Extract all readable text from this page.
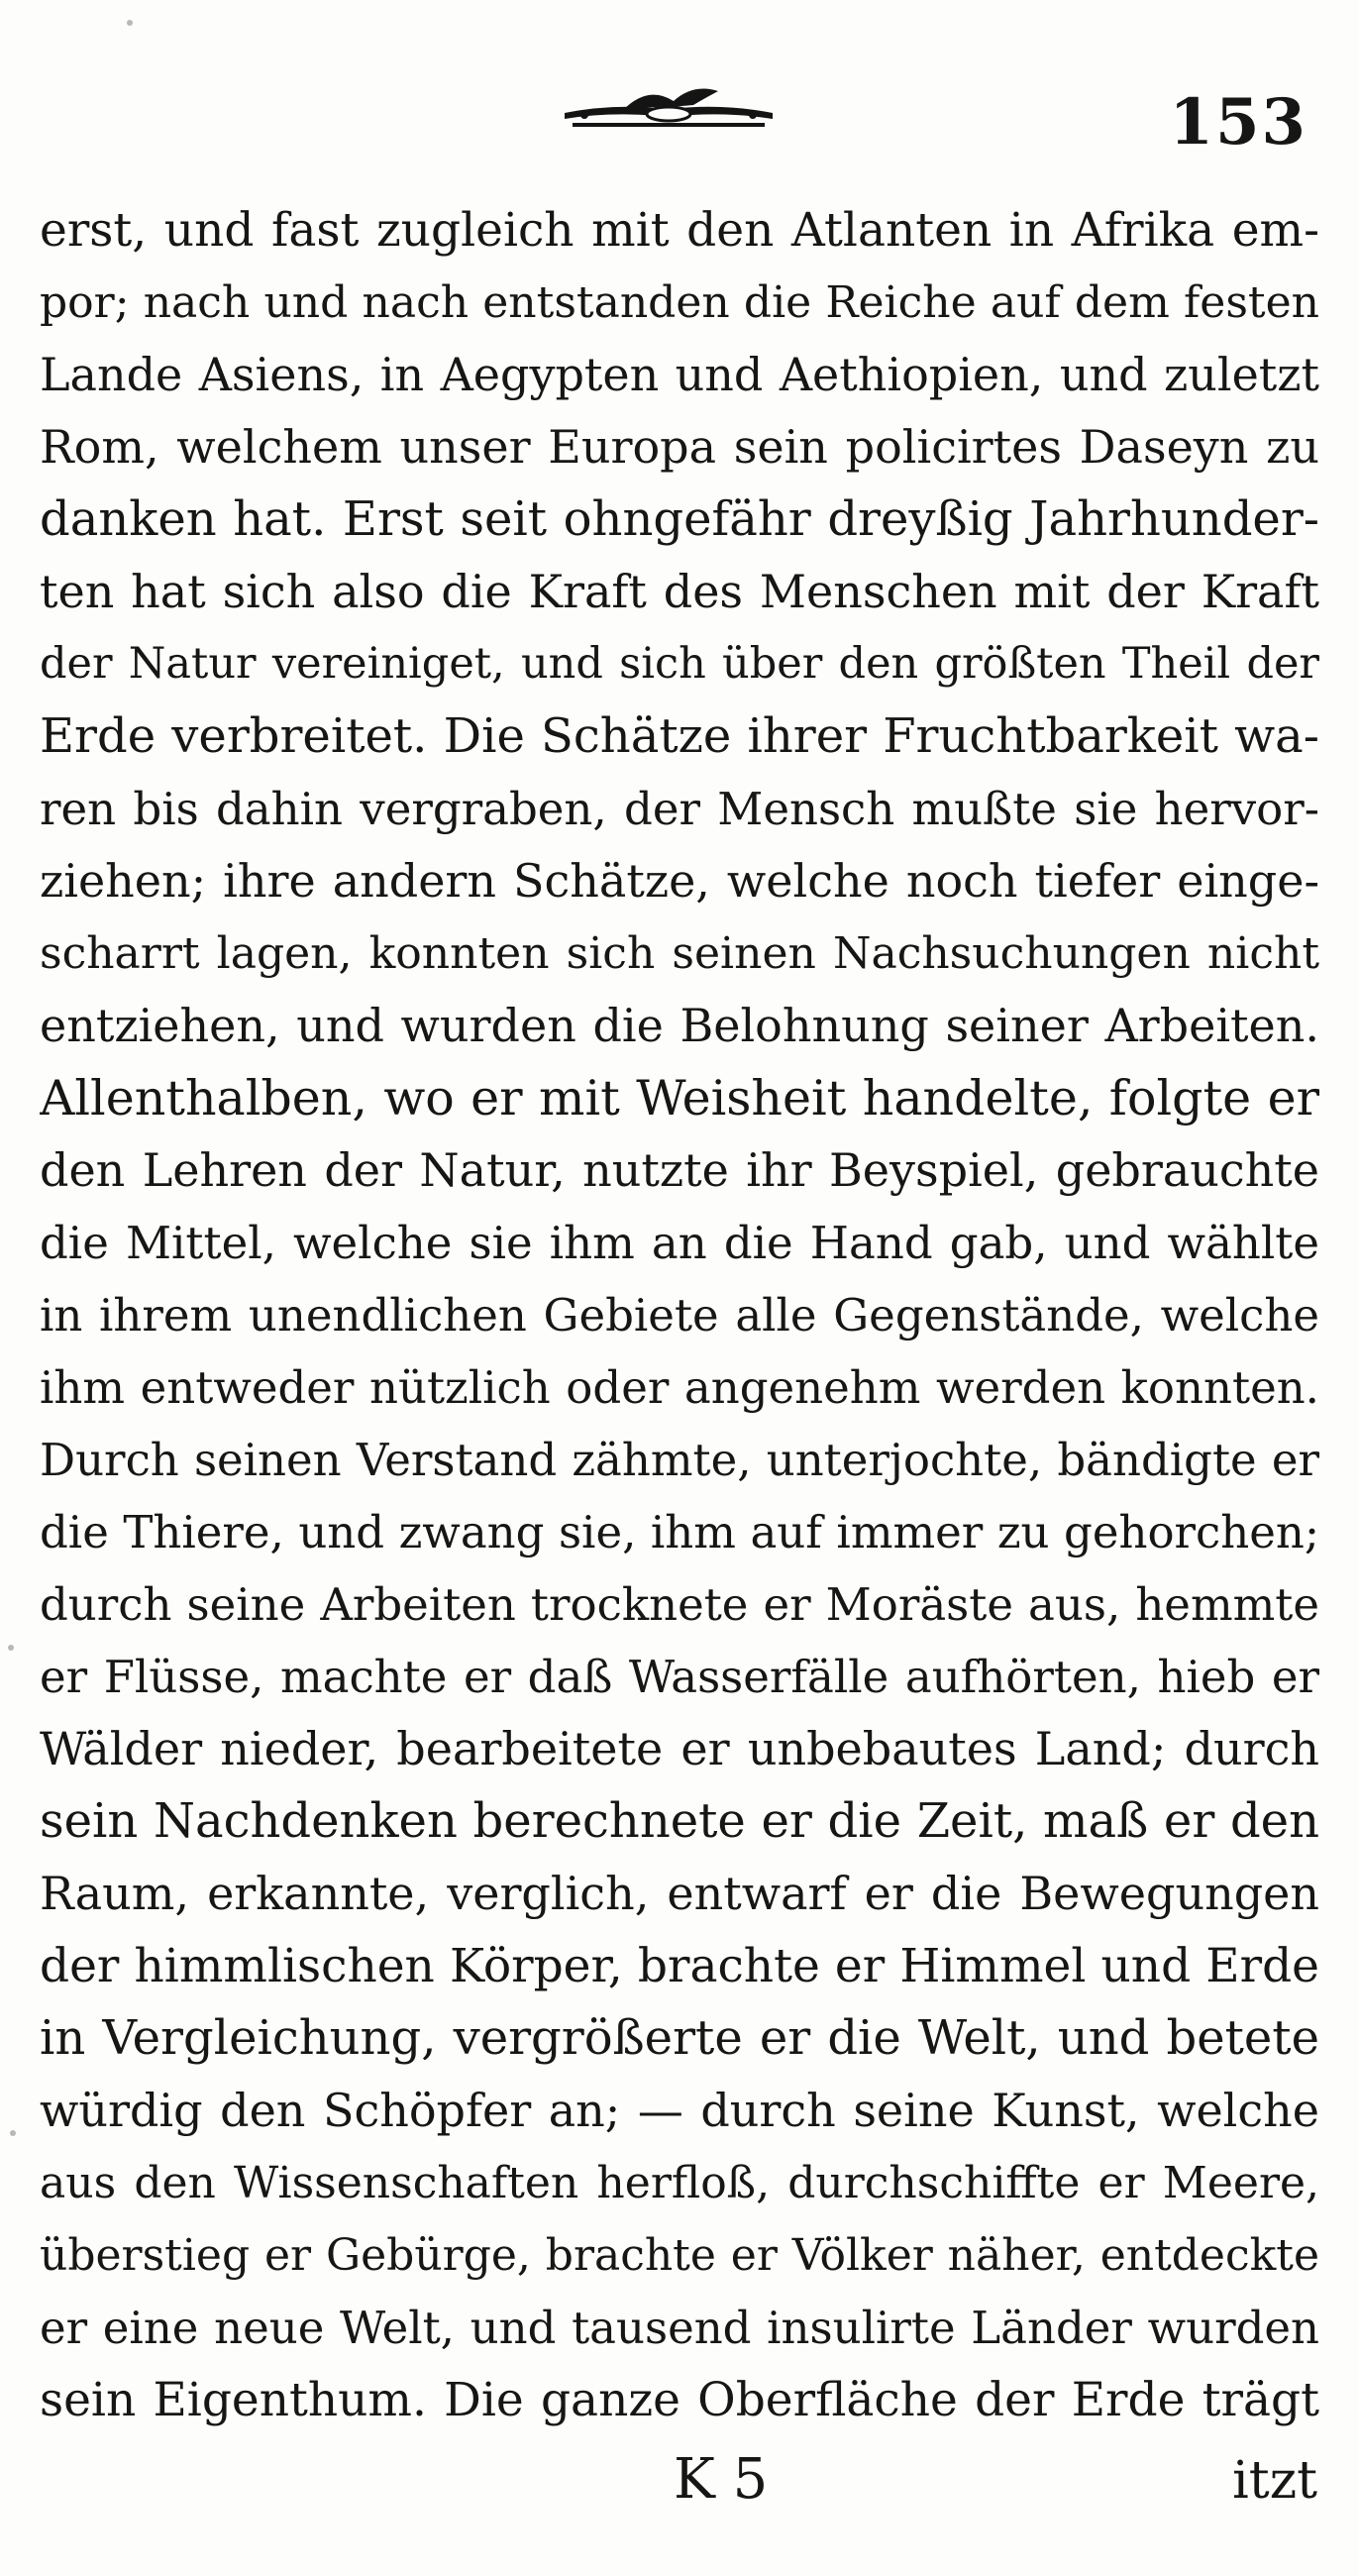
153
erst, und fast zugleich mit den Atlanten in Afrika em-
por; nach und nach entstanden die Reiche auf dem festen
Lande Asiens, in Aegypten und Aethiopien, und zuletzt
Rom, welchem unser Europa sein policirtes Daseyn zu
danken hat. Erst seit ohngefähr dreyßig Jahrhunder-
ten hat sich also die Kraft des Menschen mit der Kraft
der Natur vereiniget, und sich über den größten Theil der
Erde verbreitet. Die Schätze ihrer Fruchtbarkeit wa-
ren bis dahin vergraben, der Mensch mußte sie hervor-
ziehen; ihre andern Schätze, welche noch tiefer einge-
scharrt lagen, konnten sich seinen Nachsuchungen nicht
entziehen, und wurden die Belohnung seiner Arbeiten.
Allenthalben, wo er mit Weisheit handelte, folgte er
den Lehren der Natur, nutzte ihr Beyspiel, gebrauchte
die Mittel, welche sie ihm an die Hand gab, und wählte
in ihrem unendlichen Gebiete alle Gegenstände, welche
ihm entweder nützlich oder angenehm werden konnten.
Durch seinen Verstand zähmte, unterjochte, bändigte er
die Thiere, und zwang sie, ihm auf immer zu gehorchen;
durch seine Arbeiten trocknete er Moräste aus, hemmte
er Flüsse, machte er daß Wasserfälle aufhörten, hieb er
Wälder nieder, bearbeitete er unbebautes Land; durch
sein Nachdenken berechnete er die Zeit, maß er den
Raum, erkannte, verglich, entwarf er die Bewegungen
der himmlischen Körper, brachte er Himmel und Erde
in Vergleichung, vergrößerte er die Welt, und betete
würdig den Schöpfer an; — durch seine Kunst, welche
aus den Wissenschaften herfloß, durchschiffte er Meere,
überstieg er Gebürge, brachte er Völker näher, entdeckte
er eine neue Welt, und tausend insulirte Länder wurden
sein Eigenthum. Die ganze Oberfläche der Erde trägt
K 5	itzt
